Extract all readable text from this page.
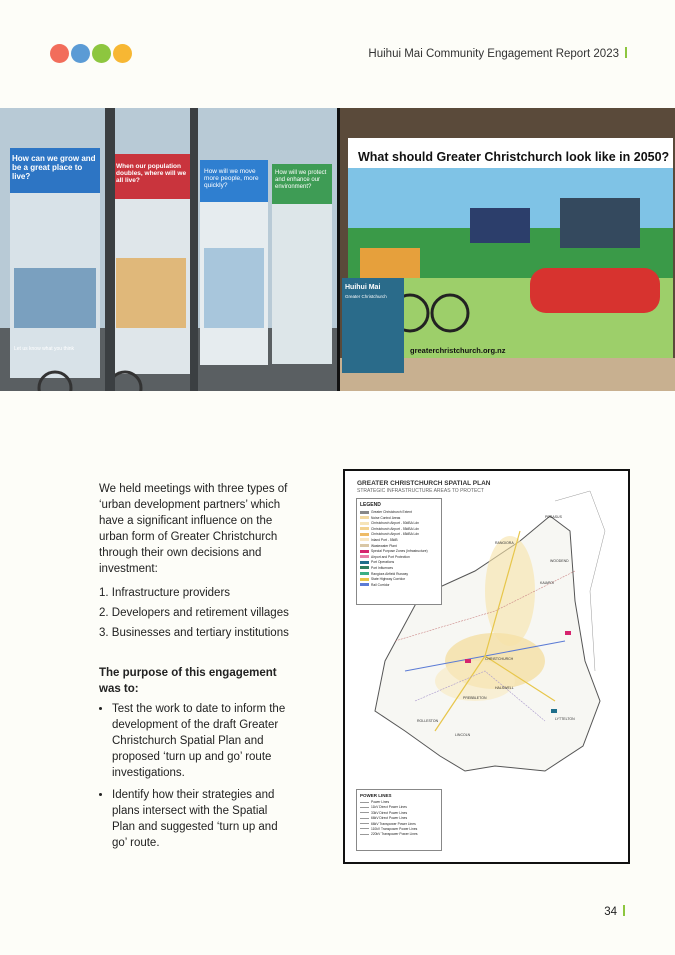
Huihui Mai Community Engagement Report 2023
How can we grow and be a great place to live?
When our population doubles, where will we all live?
How will we move more people, more quickly?
How will we protect and enhance our environment?
Let us know what you think
What should Greater Christchurch look like in 2050?
Huihui Mai
Greater Christchurch
greaterchristchurch.org.nz

We held meetings with three types of ‘urban development partners’ which have a significant influence on the urban form of Greater Christchurch through their own decisions and investment:

1. Infrastructure providers
2. Developers and retirement villages
3. Businesses and tertiary institutions
The purpose of this engagement was to:
• Test the work to date to inform the development of the draft Greater Christchurch Spatial Plan and proposed ‘turn up and go’ route investigations.
• Identify how their strategies and plans intersect with the Spatial Plan and suggested ‘turn up and go’ route.
GREATER CHRISTCHURCH SPATIAL PLAN
STRATEGIC INFRASTRUCTURE AREAS TO PROTECT
LEGEND
Greater Christchurch Extent
Noise Control Areas
Christchurch Airport - 50dBA Ldn
Christchurch Airport - 55dBA Ldn
Christchurch Airport - 65dBA Ldn
Inland Port - 55dB
Wastewater Plant
Special Purpose Zones (Infrastructure)
Airport and Port Protection
Port Operations
Port Influences
Rangiora Airfield Runway
State Highway Corridor
Rail Corridor
CHRISTCHURCH
ROLLESTON
LINCOLN
LYTTELTON
KAIAPOI
RANGIORA
WOODEND
PEGASUS
PREBBLETON
HALSWELL
POWER LINES
Power Lines
11kV Direct Power Lines
33kV Direct Power Lines
66kV Direct Power Lines
66kV Transpower Power Lines
110kV Transpower Power Lines
220kV Transpower Power Lines
34
